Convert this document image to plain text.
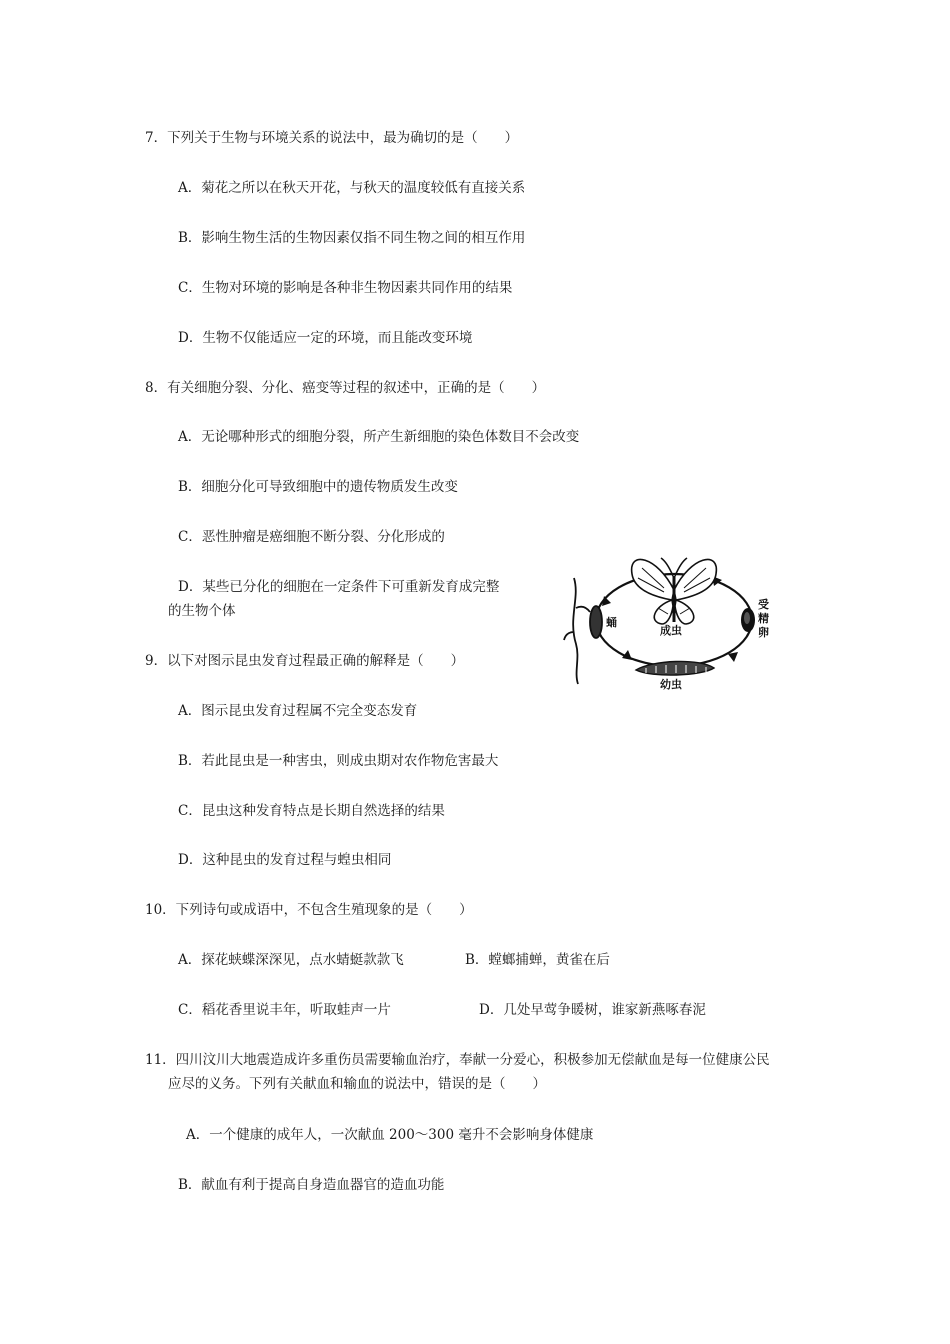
7．下列关于生物与环境关系的说法中，最为确切的是（　　）
A．菊花之所以在秋天开花，与秋天的温度较低有直接关系
B．影响生物生活的生物因素仅指不同生物之间的相互作用
C．生物对环境的影响是各种非生物因素共同作用的结果
D．生物不仅能适应一定的环境，而且能改变环境
8．有关细胞分裂、分化、癌变等过程的叙述中，正确的是（　　）
A．无论哪种形式的细胞分裂，所产生新细胞的染色体数目不会改变
B．细胞分化可导致细胞中的遗传物质发生改变
C．恶性肿瘤是癌细胞不断分裂、分化形成的
D．某些已分化的细胞在一定条件下可重新发育成完整
的生物个体
成虫
受
精
卵
幼虫
蛹
9．以下对图示昆虫发育过程最正确的解释是（　　）
A．图示昆虫发育过程属不完全变态发育
B．若此昆虫是一种害虫，则成虫期对农作物危害最大
C．昆虫这种发育特点是长期自然选择的结果
D．这种昆虫的发育过程与蝗虫相同
10．下列诗句或成语中，不包含生殖现象的是（　　）
A．探花蛱蝶深深见，点水蜻蜓款款飞	B．螳螂捕蝉，黄雀在后
C．稻花香里说丰年，听取蛙声一片	D．几处早莺争暖树，谁家新燕啄春泥
11．四川汶川大地震造成许多重伤员需要输血治疗，奉献一分爱心，积极参加无偿献血是每一位健康公民
应尽的义务。下列有关献血和输血的说法中，错误的是（　　）
A．一个健康的成年人，一次献血 200～300 毫升不会影响身体健康
B．献血有利于提高自身造血器官的造血功能
